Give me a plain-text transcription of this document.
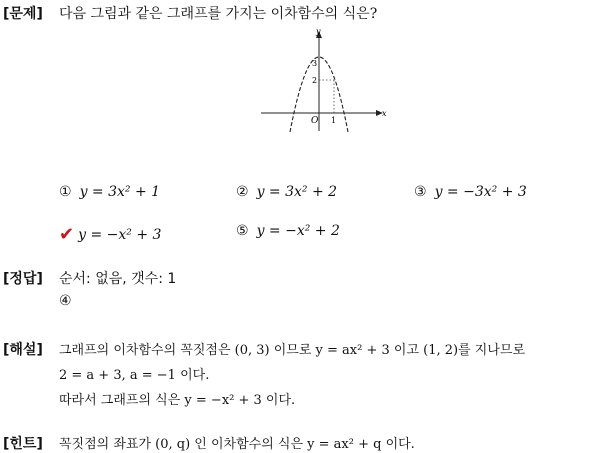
[문제] 다음 그림과 같은 그래프를 가지는 이차함수의 식은?
y
x
O 1
3
2
① y = 3x² + 1	② y = 3x² + 2	③ y = −3x² + 3
✔ y = −x² + 3	⑤ y = −x² + 2
[정답] 순서: 없음, 갯수: 1
④
[해설] 그래프의 이차함수의 꼭짓점은 (0, 3) 이므로 y = ax² + 3 이고 (1, 2)를 지나므로
2 = a + 3, a = −1 이다.
따라서 그래프의 식은 y = −x² + 3 이다.
[힌트] 꼭짓점의 좌표가 (0, q) 인 이차함수의 식은 y = ax² + q 이다.
